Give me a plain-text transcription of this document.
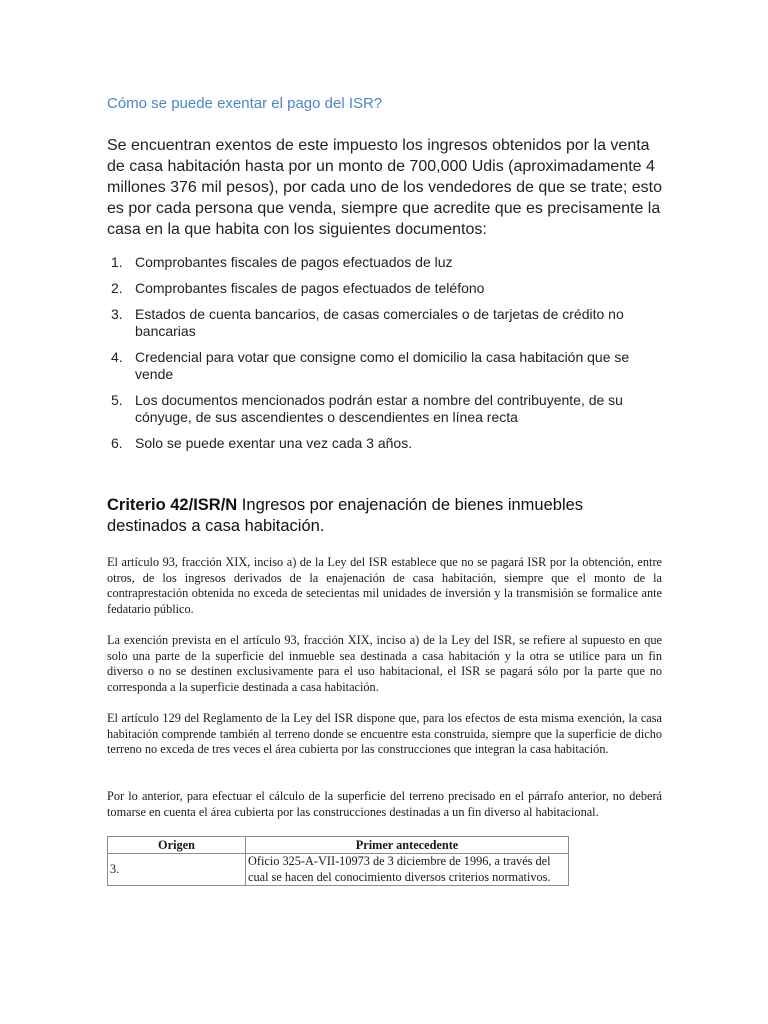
Cómo se puede exentar el pago del ISR?

Se encuentran exentos de este impuesto los ingresos obtenidos por la venta de casa habitación hasta por un monto de 700,000 Udis (aproximadamente 4 millones 376 mil pesos), por cada uno de los vendedores de que se trate; esto es por cada persona que venda, siempre que acredite que es precisamente la casa en la que habita con los siguientes documentos:

1. Comprobantes fiscales de pagos efectuados de luz
2. Comprobantes fiscales de pagos efectuados de teléfono
3. Estados de cuenta bancarios, de casas comerciales o de tarjetas de crédito no bancarias
4. Credencial para votar que consigne como el domicilio la casa habitación que se vende
5. Los documentos mencionados podrán estar a nombre del contribuyente, de su cónyuge, de sus ascendientes o descendientes en línea recta
6. Solo se puede exentar una vez cada 3 años.
Criterio 42/ISR/N Ingresos por enajenación de bienes inmuebles destinados a casa habitación.

El artículo 93, fracción XIX, inciso a) de la Ley del ISR establece que no se pagará ISR por la obtención, entre otros, de los ingresos derivados de la enajenación de casa habitación, siempre que el monto de la contraprestación obtenida no exceda de setecientas mil unidades de inversión y la transmisión se formalice ante fedatario público.

La exención prevista en el artículo 93, fracción XIX, inciso a) de la Ley del ISR, se refiere al supuesto en que solo una parte de la superficie del inmueble sea destinada a casa habitación y la otra se utilice para un fin diverso o no se destinen exclusivamente para el uso habitacional, el ISR se pagará sólo por la parte que no corresponda a la superficie destinada a casa habitación.

El artículo 129 del Reglamento de la Ley del ISR dispone que, para los efectos de esta misma exención, la casa habitación comprende también al terreno donde se encuentre esta construida, siempre que la superficie de dicho terreno no exceda de tres veces el área cubierta por las construcciones que integran la casa habitación.

Por lo anterior, para efectuar el cálculo de la superficie del terreno precisado en el párrafo anterior, no deberá tomarse en cuenta el área cubierta por las construcciones destinadas a un fin diverso al habitacional.

Origen	Primer antecedente
3.	Oficio 325-A-VII-10973 de 3 diciembre de 1996, a través del cual se hacen del conocimiento diversos criterios normativos.
